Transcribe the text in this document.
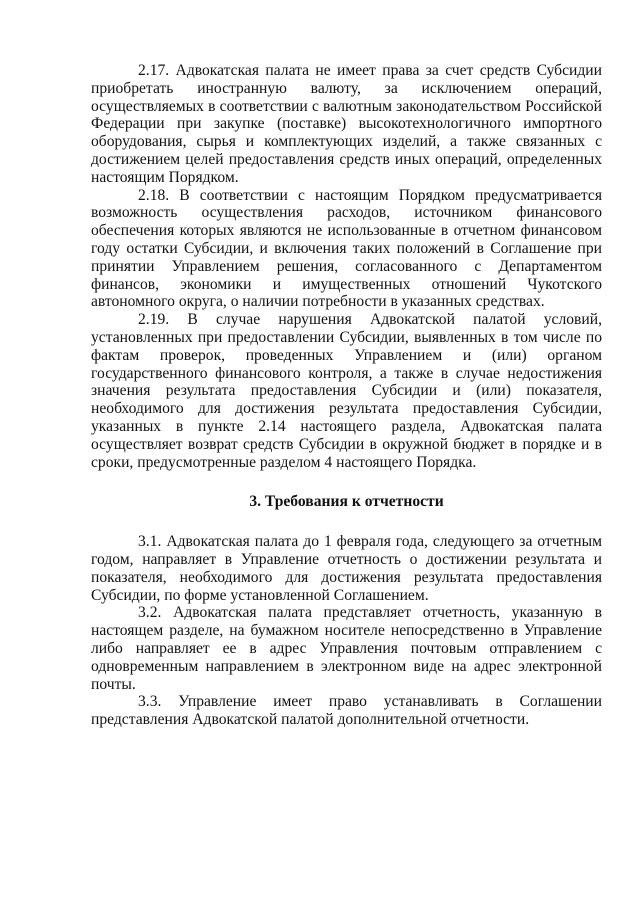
2.17. Адвокатская палата не имеет права за счет средств Субсидии приобретать иностранную валюту, за исключением операций, осуществляемых в соответствии с валютным законодательством Российской Федерации при закупке (поставке) высокотехнологичного импортного оборудования, сырья и комплектующих изделий, а также связанных с достижением целей предоставления средств иных операций, определенных настоящим Порядком.

2.18. В соответствии с настоящим Порядком предусматривается возможность осуществления расходов, источником финансового обеспечения которых являются не использованные в отчетном финансовом году остатки Субсидии, и включения таких положений в Соглашение при принятии Управлением решения, согласованного с Департаментом финансов, экономики и имущественных отношений Чукотского автономного округа, о наличии потребности в указанных средствах.

2.19. В случае нарушения Адвокатской палатой условий, установленных при предоставлении Субсидии, выявленных в том числе по фактам проверок, проведенных Управлением и (или) органом государственного финансового контроля, а также в случае недостижения значения результата предоставления Субсидии и (или) показателя, необходимого для достижения результата предоставления Субсидии, указанных в пункте 2.14 настоящего раздела, Адвокатская палата осуществляет возврат средств Субсидии в окружной бюджет в порядке и в сроки, предусмотренные разделом 4 настоящего Порядка.

3. Требования к отчетности

3.1. Адвокатская палата до 1 февраля года, следующего за отчетным годом, направляет в Управление отчетность о достижении результата и показателя, необходимого для достижения результата предоставления Субсидии, по форме установленной Соглашением.

3.2. Адвокатская палата представляет отчетность, указанную в настоящем разделе, на бумажном носителе непосредственно в Управление либо направляет ее в адрес Управления почтовым отправлением с одновременным направлением в электронном виде на адрес электронной почты.

3.3. Управление имеет право устанавливать в Соглашении представления Адвокатской палатой дополнительной отчетности.
